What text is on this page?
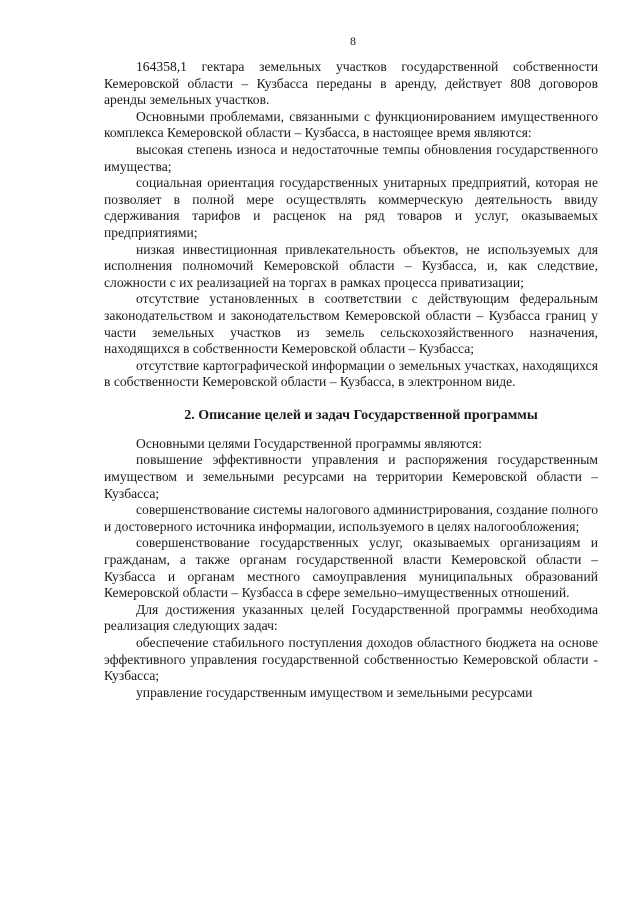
8

164358,1 гектара земельных участков государственной собственности Кемеровской области – Кузбасса переданы в аренду, действует 808 договоров аренды земельных участков.

Основными проблемами, связанными с функционированием имущественного комплекса Кемеровской области – Кузбасса, в настоящее время являются:

высокая степень износа и недостаточные темпы обновления государственного имущества;

социальная ориентация государственных унитарных предприятий, которая не позволяет в полной мере осуществлять коммерческую деятельность ввиду сдерживания тарифов и расценок на ряд товаров и услуг, оказываемых предприятиями;

низкая инвестиционная привлекательность объектов, не используемых для исполнения полномочий Кемеровской области – Кузбасса, и, как следствие, сложности с их реализацией на торгах в рамках процесса приватизации;

отсутствие установленных в соответствии с действующим федеральным законодательством и законодательством Кемеровской области – Кузбасса границ у части земельных участков из земель сельскохозяйственного назначения, находящихся в собственности Кемеровской области – Кузбасса;

отсутствие картографической информации о земельных участках, находящихся в собственности Кемеровской области – Кузбасса, в электронном виде.

2. Описание целей и задач Государственной программы

Основными целями Государственной программы являются:

повышение эффективности управления и распоряжения государственным имуществом и земельными ресурсами на территории Кемеровской области – Кузбасса;

совершенствование системы налогового администрирования, создание полного и достоверного источника информации, используемого в целях налогообложения;

совершенствование государственных услуг, оказываемых организациям и гражданам, а также органам государственной власти Кемеровской области – Кузбасса и органам местного самоуправления муниципальных образований Кемеровской области – Кузбасса в сфере земельно–имущественных отношений.

Для достижения указанных целей Государственной программы необходима реализация следующих задач:

обеспечение стабильного поступления доходов областного бюджета на основе эффективного управления государственной собственностью Кемеровской области - Кузбасса;

управление государственным имуществом и земельными ресурсами
